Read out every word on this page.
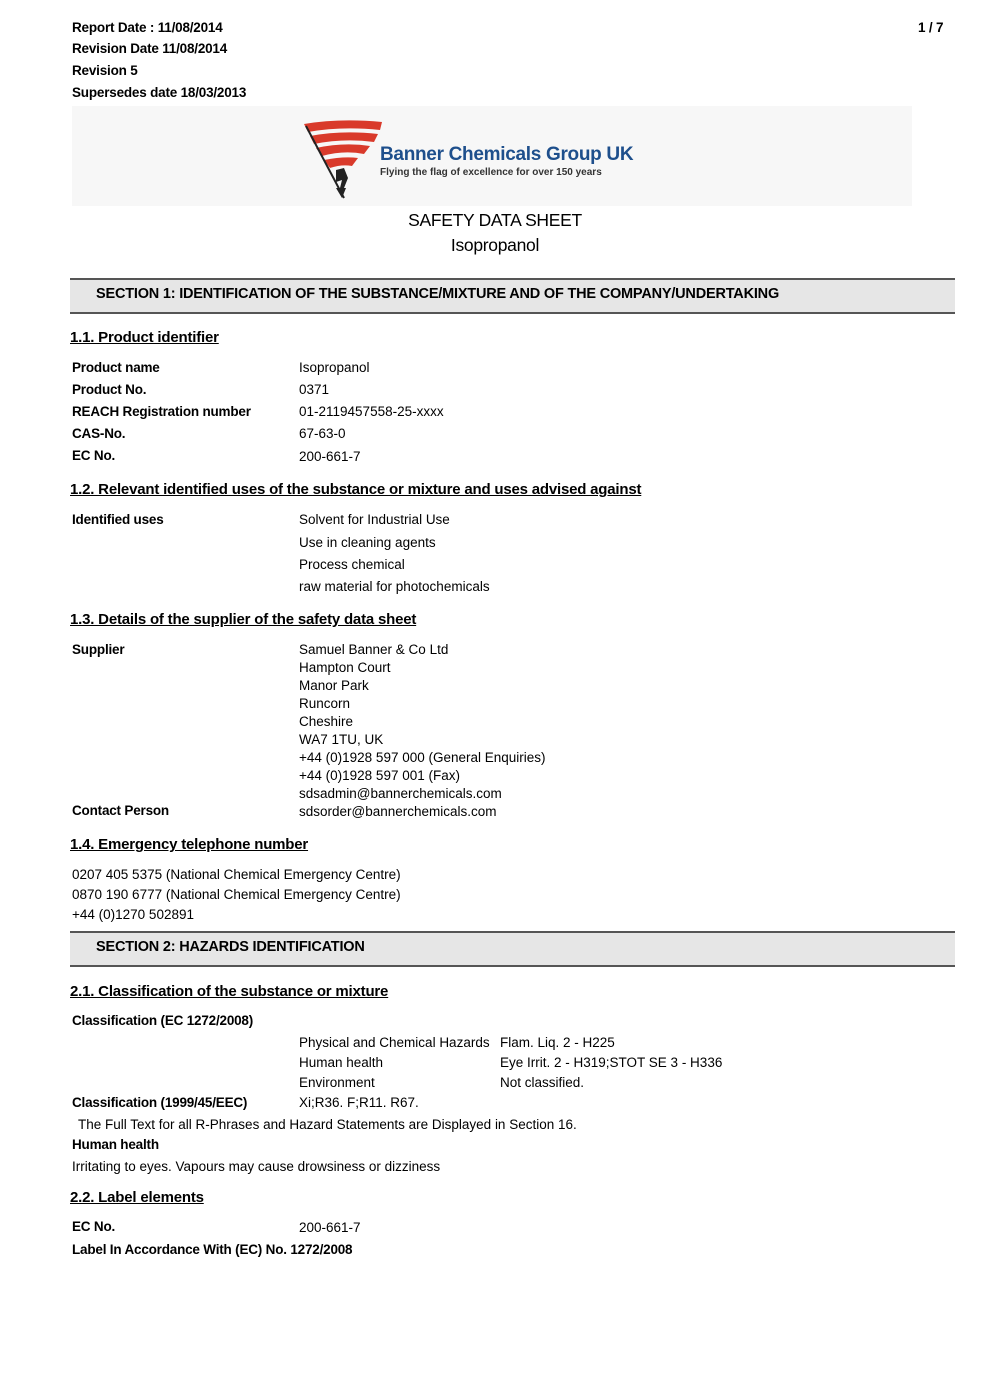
Report Date : 11/08/2014
Revision Date 11/08/2014
Revision 5
Supersedes date 18/03/2013
1 / 7
Banner Chemicals Group UK
Flying the flag of excellence for over 150 years
SAFETY DATA SHEET
Isopropanol
SECTION 1: IDENTIFICATION OF THE SUBSTANCE/MIXTURE AND OF THE COMPANY/UNDERTAKING
1.1. Product identifier
Product name	Isopropanol
Product No.	0371
REACH Registration number	01-2119457558-25-xxxx
CAS-No.	67-63-0
EC No.	200-661-7
1.2. Relevant identified uses of the substance or mixture and uses advised against
Identified uses	Solvent for Industrial Use
Use in cleaning agents
Process chemical
raw material for photochemicals
1.3. Details of the supplier of the safety data sheet
Supplier	Samuel Banner & Co Ltd
Hampton Court
Manor Park
Runcorn
Cheshire
WA7 1TU, UK
+44 (0)1928 597 000 (General Enquiries)
+44 (0)1928 597 001 (Fax)
sdsadmin@bannerchemicals.com
Contact Person	sdsorder@bannerchemicals.com
1.4. Emergency telephone number
0207 405 5375 (National Chemical Emergency Centre)
0870 190 6777 (National Chemical Emergency Centre)
+44 (0)1270 502891
SECTION 2: HAZARDS IDENTIFICATION
2.1. Classification of the substance or mixture
Classification (EC 1272/2008)
Physical and Chemical Hazards Flam. Liq. 2 - H225
Human health	Eye Irrit. 2 - H319;STOT SE 3 - H336
Environment	Not classified.
Classification (1999/45/EEC)	Xi;R36. F;R11. R67.
The Full Text for all R-Phrases and Hazard Statements are Displayed in Section 16.
Human health
Irritating to eyes. Vapours may cause drowsiness or dizziness
2.2. Label elements
EC No.	200-661-7
Label In Accordance With (EC) No. 1272/2008
